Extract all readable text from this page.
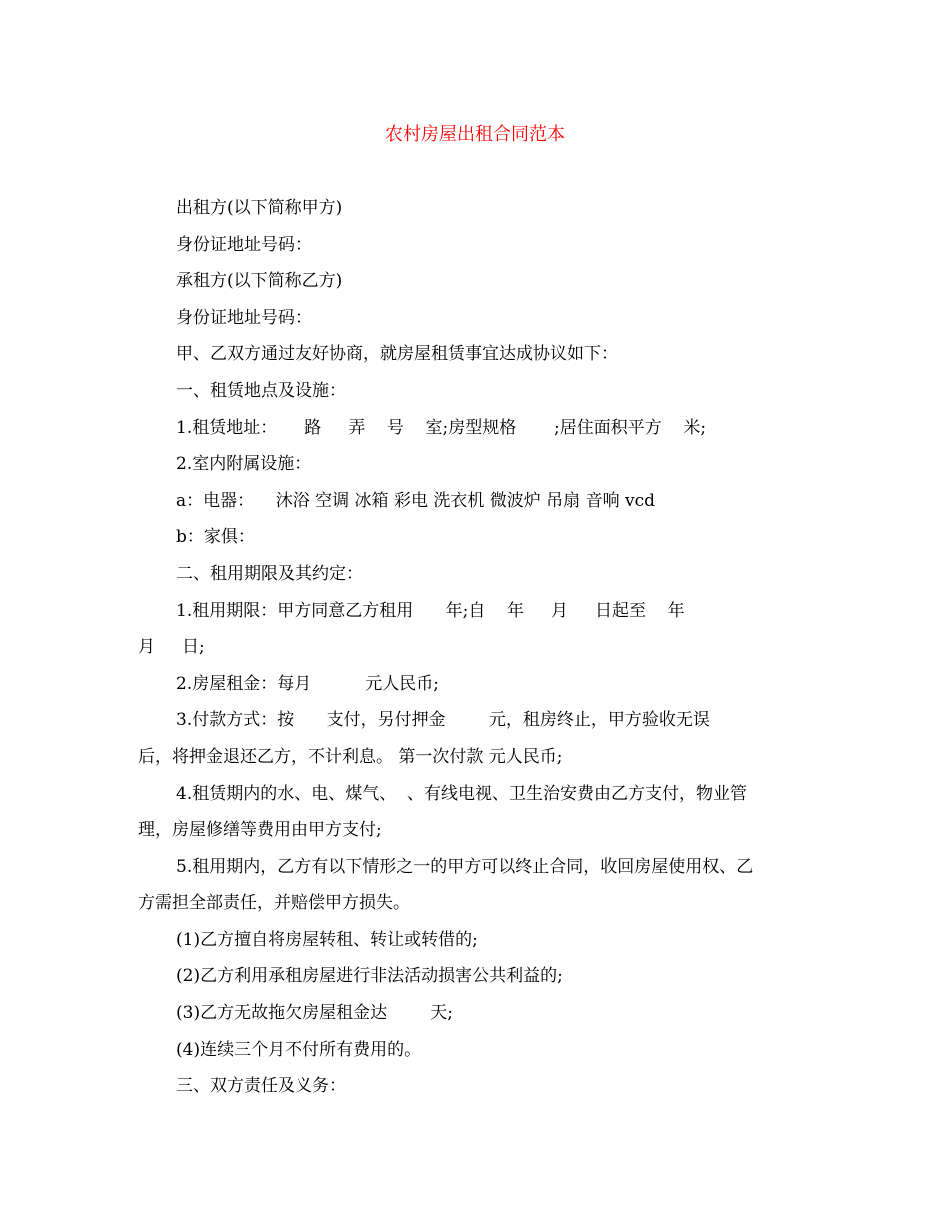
农村房屋出租合同范本

出租方(以下简称甲方)

身份证地址号码：

承租方(以下简称乙方)

身份证地址号码：

甲、乙双方通过友好协商，就房屋租赁事宜达成协议如下：

一、租赁地点及设施：

1.租赁地址：     路     弄    号    室;房型规格       ;居住面积平方    米;

2.室内附属设施：

a：电器：    沐浴 空调 冰箱 彩电 洗衣机 微波炉 吊扇 音响 vcd

b：家俱：

二、租用期限及其约定：

1.租用期限：甲方同意乙方租用      年;自    年     月     日起至    年

月     日;

2.房屋租金：每月          元人民币;

3.付款方式：按      支付，另付押金        元，租房终止，甲方验收无误

后，将押金退还乙方，不计利息。 第一次付款 元人民币;

4.租赁期内的水、电、煤气、  、有线电视、卫生治安费由乙方支付，物业管

理，房屋修缮等费用由甲方支付;

5.租用期内，乙方有以下情形之一的甲方可以终止合同，收回房屋使用权、乙

方需担全部责任，并赔偿甲方损失。

(1)乙方擅自将房屋转租、转让或转借的;

(2)乙方利用承租房屋进行非法活动损害公共利益的;

(3)乙方无故拖欠房屋租金达        天;

(4)连续三个月不付所有费用的。

三、双方责任及义务：
